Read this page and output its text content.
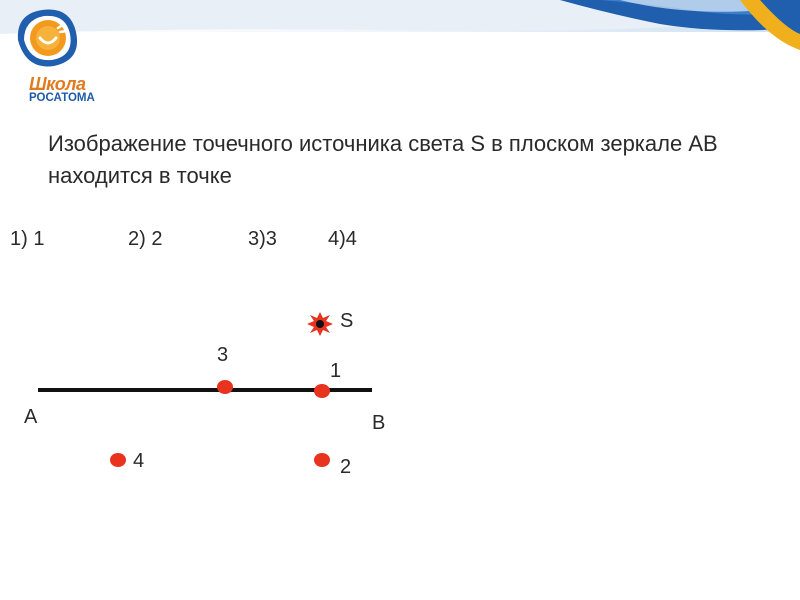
Школа
РОСАТОМА
Изображение точечного источника света S в плоском зеркале АВ находится в точке
1) 1	2) 2	3)3	4)4
S
1
2
3
4
А	В
